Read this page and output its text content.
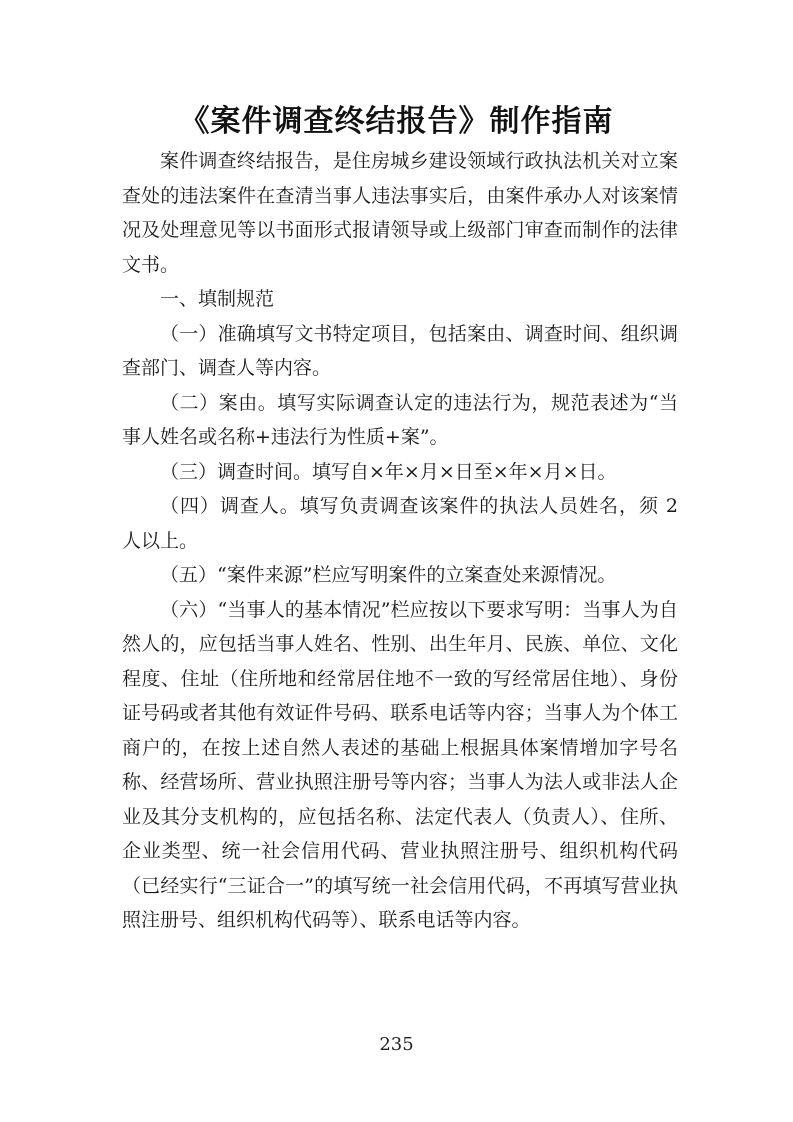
《案件调查终结报告》制作指南

案件调查终结报告，是住房城乡建设领域行政执法机关对立案查处的违法案件在查清当事人违法事实后，由案件承办人对该案情况及处理意见等以书面形式报请领导或上级部门审查而制作的法律文书。

一、填制规范

（一）准确填写文书特定项目，包括案由、调查时间、组织调查部门、调查人等内容。

（二）案由。填写实际调查认定的违法行为，规范表述为“当事人姓名或名称+违法行为性质+案”。

（三）调查时间。填写自×年×月×日至×年×月×日。

（四）调查人。填写负责调查该案件的执法人员姓名，须 2 人以上。

（五）“案件来源”栏应写明案件的立案查处来源情况。

（六）“当事人的基本情况”栏应按以下要求写明：当事人为自然人的，应包括当事人姓名、性别、出生年月、民族、单位、文化程度、住址（住所地和经常居住地不一致的写经常居住地）、身份证号码或者其他有效证件号码、联系电话等内容；当事人为个体工商户的，在按上述自然人表述的基础上根据具体案情增加字号名称、经营场所、营业执照注册号等内容；当事人为法人或非法人企业及其分支机构的，应包括名称、法定代表人（负责人）、住所、企业类型、统一社会信用代码、营业执照注册号、组织机构代码（已经实行“三证合一”的填写统一社会信用代码，不再填写营业执照注册号、组织机构代码等）、联系电话等内容。

235
